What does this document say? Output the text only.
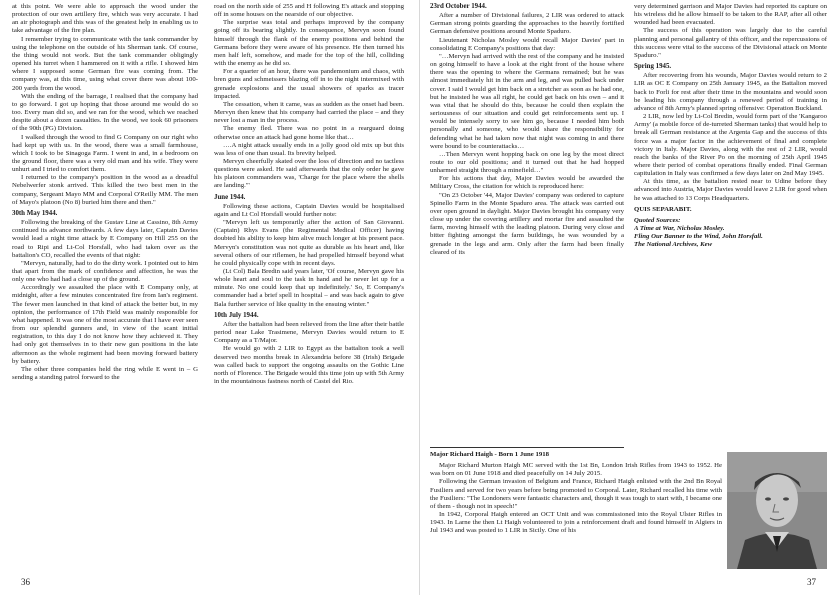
at this point. We were able to approach the wood under the protection of our own artillery fire, which was very accurate. I had an air photograph and this was of the greatest help in enabling us to take advantage of the fire plan.

I remember trying to communicate with the tank commander by using the telephone on the outside of his Sherman tank. Of course, the thing would not work. But the tank commander obligingly opened his turret when I hammered on it with a rifle. I showed him where I supposed some German fire was coming from. The company was, at this time, using what cover there was about 100-200 yards from the wood.

With the ending of the barrage, I realised that the company had to go forward. I got up hoping that those around me would do so too. Every man did so, and we ran for the wood, which we reached despite about a dozen casualties. In the wood, we took 60 prisoners of the 90th (PG) Division.

I walked through the wood to find G Company on our right who had kept up with us. In the wood, there was a small farmhouse, which I took to be Sinagoga Farm. I went in and, in a bedroom on the ground floor, there was a very old man and his wife. They were unhurt and I tried to comfort them.

I returned to the company's position in the wood as a dreadful Nebelwerfer stonk arrived. This killed the two best men in the company, Sergeant Mayo MM and Corporal O'Reilly MM. The men of Mayo's platoon (No 8) buried him there and then."

30th May 1944.

Following the breaking of the Gustav Line at Cassino, 8th Army continued its advance northwards. A few days later, Captain Davies would lead a night time attack by E Company on Hill 255 on the road to Ripi and Lt-Col Horsfall, who had taken over as the battalion's CO, recalled the events of that night:

"Mervyn, naturally, had to do the dirty work. I pointed out to him that apart from the mark of confidence and affection, he was the only one who had had a close up of the ground.

Accordingly we assaulted the place with E Company only, at midnight, after a few minutes concentrated fire from Ian's regiment. The fewer men launched in that kind of attack the better but, in my opinion, the performance of 17th Field was mainly responsible for what happened. It was one of the most accurate that I have ever seen from our splendid gunners and, in view of the scant initial registration, to this day I do not know how they achieved it. They had only got themselves in to their new gun positions in the late afternoon as the whole regiment had been moving forward battery by battery.

The other three companies held the ring while E went in – G sending a standing patrol forward to the

road on the north side of 255 and H following E's attack and stopping off in some houses on the nearside of our objective.

The surprise was total and perhaps improved by the company going off its bearing slightly. In consequence, Mervyn soon found himself through the flank of the enemy positions and behind the Germans before they were aware of his presence. He then turned his men half left, somehow, and made for the top of the hill, colliding with the enemy as he did so.

For a quarter of an hour, there was pandemonium and chaos, with bren guns and schmeissers blazing off in to the night intermixed with grenade explosions and the usual showers of sparks as tracer impacted.

The cessation, when it came, was as sudden as the onset had been. Mervyn then knew that his company had carried the place – and they never lost a man in the process.

The enemy fled. There was no point in a rearguard doing otherwise once an attack had gone home like that…

….A night attack usually ends in a jolly good old mix up but this was less of one than usual. Its brevity helped.

Mervyn cheerfully skated over the loss of direction and no tactless questions were asked. He said afterwards that the only order he gave his platoon commanders was, 'Charge for the place where the shells are landing.'"

June 1944.

Following these actions, Captain Davies would be hospitalised again and Lt Col Horsfall would further note:

"Mervyn left us temporarily after the action of San Giovanni. (Captain) Rhys Evans (the Regimental Medical Officer) having doubted his ability to keep him alive much longer at his present pace. Mervyn's constitution was not quite as durable as his heart and, like several others of our riflemen, he had propelled himself beyond what he could physically cope with in recent days.

(Lt Col) Bala Bredin said years later, 'Of course, Mervyn gave his whole heart and soul to the task in hand and he never let up for a minute. No one could keep that up indefinitely.' So, E Company's commander had a brief spell in hospital – and was back again to give Bala further service of like quality in the ensuing winter."

10th July 1944.

After the battalion had been relieved from the line after their battle period near Lake Trasimene, Mervyn Davies would return to E Company as a T/Major.

He would go with 2 LIR to Egypt as the battalion took a well deserved two months break in Alexandria before 38 (Irish) Brigade was called back to support the ongoing assaults on the Gothic Line north of Florence. The Brigade would this time join up with 5th Army in the mountainous fastness north of Castel del Rio.

36
23rd October 1944.

After a number of Divisional failures, 2 LIR was ordered to attack German strong points guarding the approaches to the heavily fortified German defensive positions around Monte Spaduro.

Lieutenant Nicholas Mosley would recall Major Davies' part in consolidating E Company's positions that day:

"…Mervyn had arrived with the rest of the company and he insisted on going himself to have a look at the right front of the house where there was the opening to where the Germans remained; but he was almost immediately hit in the arm and leg, and was pulled back under cover. I said I would get him back on a stretcher as soon as he had one, but he insisted he was all right, he could get back on his own – and it was vital that he should do this, because he could then explain the seriousness of our situation and could get reinforcements sent up. I would be intensely sorry to see him go, because I needed him both personally and someone, who would share the responsibility for defending what he had taken now that night was coming in and there were bound to be counterattacks…

…Then Mervyn went hopping back on one leg by the most direct route to our old positions; and it turned out that he had hopped unharmed straight through a minefield…"

For his actions that day, Major Davies would be awarded the Military Cross, the citation for which is reproduced here:

"On 23 October '44, Major Davies' company was ordered to capture Spinello Farm in the Monte Spaduro area. The attack was carried out over open ground in daylight. Major Davies brought his company very close up under the covering artillery and mortar fire and assaulted the farm, moving himself with the leading platoon. During very close and bitter fighting amongst the farm buildings, he was wounded by a grenade in the legs and arm. Only after the farm had been finally cleared of its

very determined garrison and Major Davies had reported its capture on his wireless did he allow himself to be taken to the RAP, after all other wounded had been evacuated.

The success of this operation was largely due to the careful planning and personal gallantry of this officer, and the repercussions of this success were vital to the success of the Divisional attack on Monte Spaduro."

Spring 1945.

After recovering from his wounds, Major Davies would return to 2 LIR as OC E Company on 25th January 1945, as the Battalion moved back to Forli for rest after their time in the mountains and would soon be leading his company through a renewed period of training in advance of 8th Army's planned spring offensive: Operation Buckland.

2 LIR, now led by Lt-Col Bredin, would form part of the 'Kangaroo Army' (a mobile force of de-turreted Sherman tanks) that would help to break all German resistance at the Argenta Gap and the success of this force was a major factor in the achievement of final and complete victory in Italy. Major Davies, along with the rest of 2 LIR, would reach the banks of the River Po on the morning of 25th April 1945 where their period of combat operations finally ended. Final German capitulation in Italy was confirmed a few days later on 2nd May 1945.

At this time, as the battalion rested near to Udine before they advanced into Austria, Major Davies would leave 2 LIR for good when he was attached to 13 Corps Headquarters.

QUIS SEPARABIT.

Quoted Sources:

A Time at War, Nicholas Mosley.

Fling Our Banner to the Wind, John Horsfall.

The National Archives, Kew

Major Richard Haigh - Born 1 June 1918

Major Richard Murton Haigh MC served with the 1st Bn, London Irish Rifles from 1943 to 1952. He was born on 01 June 1918 and died peacefully on 14 July 2015.

Following the German invasion of Belgium and France, Richard Haigh enlisted with the 2nd Bn Royal Fusiliers and served for two years before being promoted to Corporal. Later, Richard recalled his time with the Fusiliers: "The Londoners were fantastic characters and, though it was tough to start with, I became one of them - though not in speech!"

In 1942, Corporal Haigh entered an OCT Unit and was commissioned into the Royal Ulster Rifles in 1943. In Larne the then Lt Haigh volunteered to join a reinforcement draft and found himself in Algiers in Jul 1943 and was posted to 1 LIR in Sicily. One of his

37
